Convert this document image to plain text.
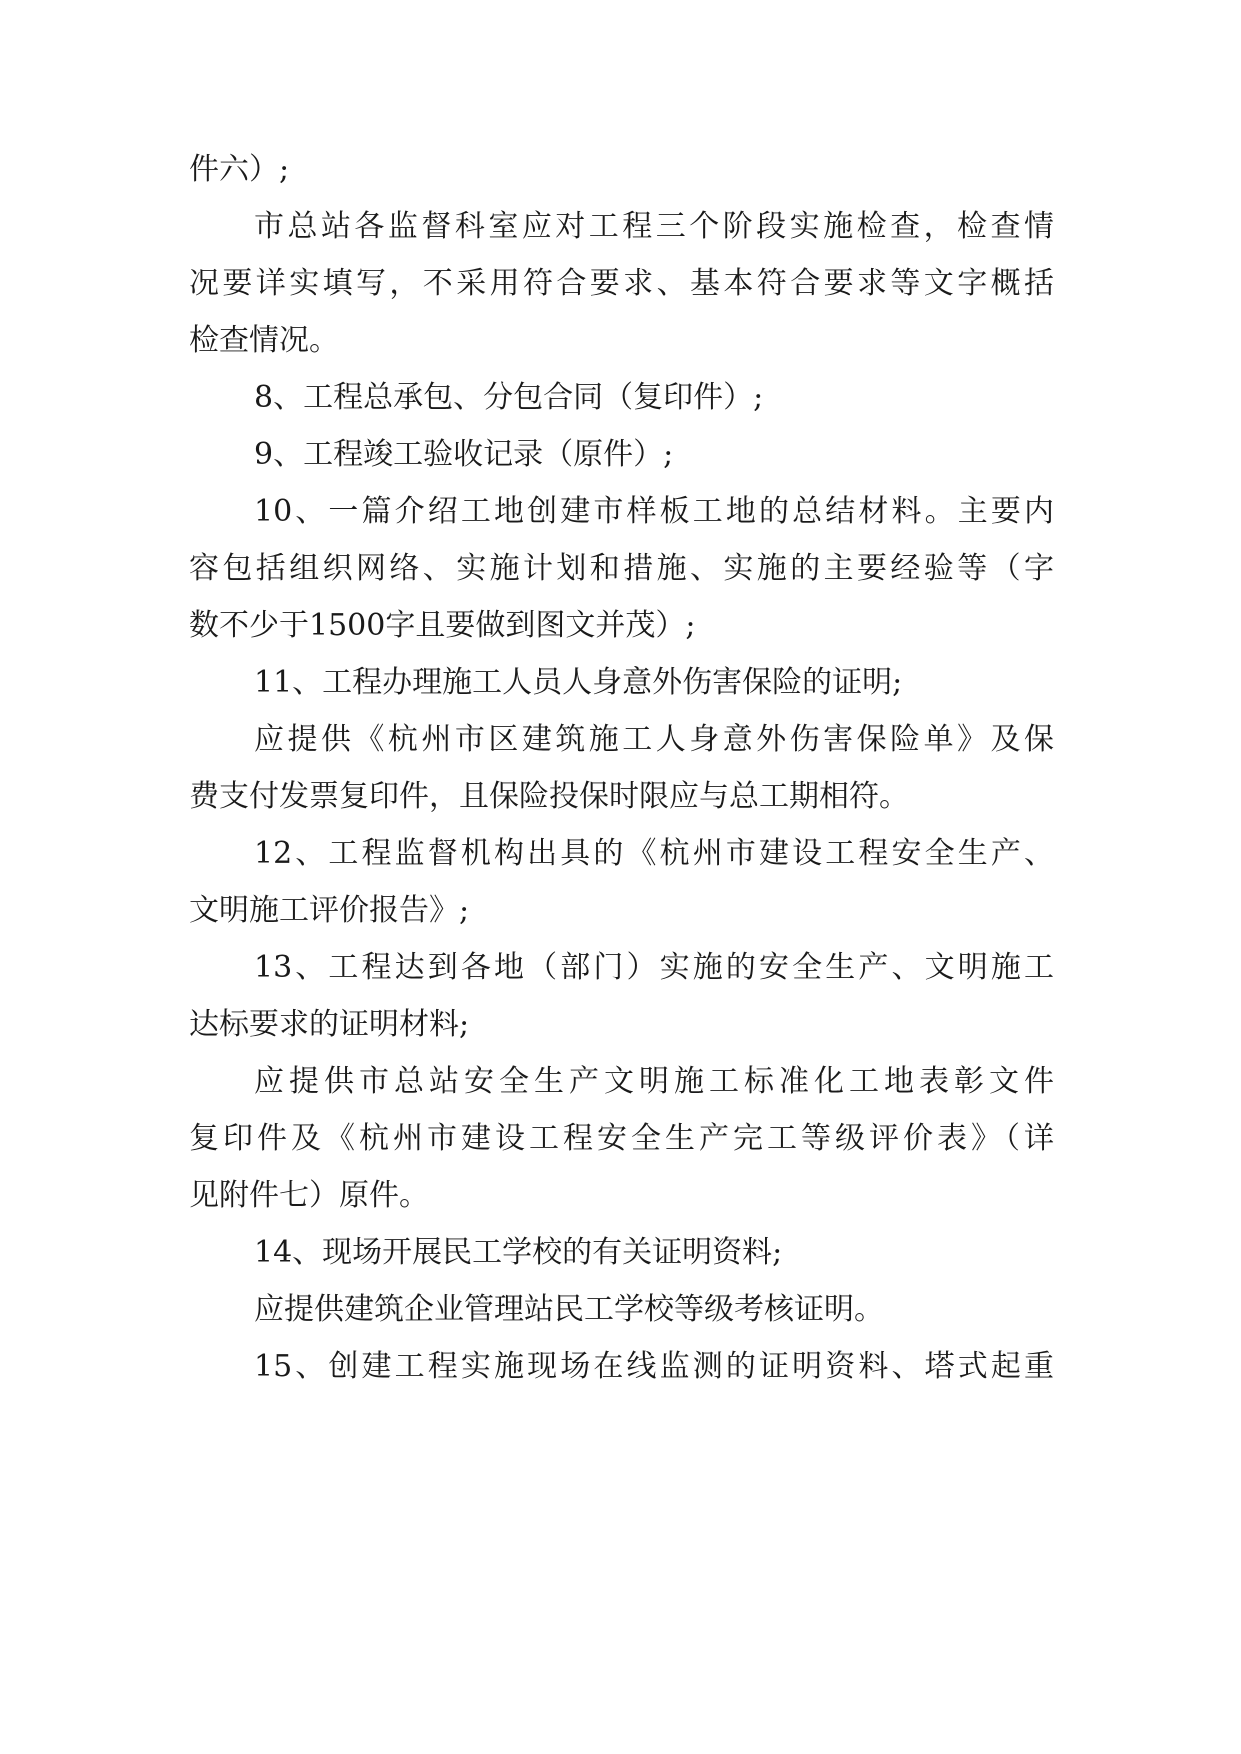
件六）;
市总站各监督科室应对工程三个阶段实施检查，检查情
况要详实填写，不采用符合要求、基本符合要求等文字概括
检查情况。
8、工程总承包、分包合同（复印件）;
9、工程竣工验收记录（原件）;
10、一篇介绍工地创建市样板工地的总结材料。主要内
容包括组织网络、实施计划和措施、实施的主要经验等（字
数不少于1500字且要做到图文并茂）;
11、工程办理施工人员人身意外伤害保险的证明;
应提供《杭州市区建筑施工人身意外伤害保险单》及保
费支付发票复印件，且保险投保时限应与总工期相符。
12、工程监督机构出具的《杭州市建设工程安全生产、
文明施工评价报告》;
13、工程达到各地（部门）实施的安全生产、文明施工
达标要求的证明材料;
应提供市总站安全生产文明施工标准化工地表彰文件
复印件及《杭州市建设工程安全生产完工等级评价表》（详
见附件七）原件。
14、现场开展民工学校的有关证明资料;
应提供建筑企业管理站民工学校等级考核证明。
15、创建工程实施现场在线监测的证明资料、塔式起重
